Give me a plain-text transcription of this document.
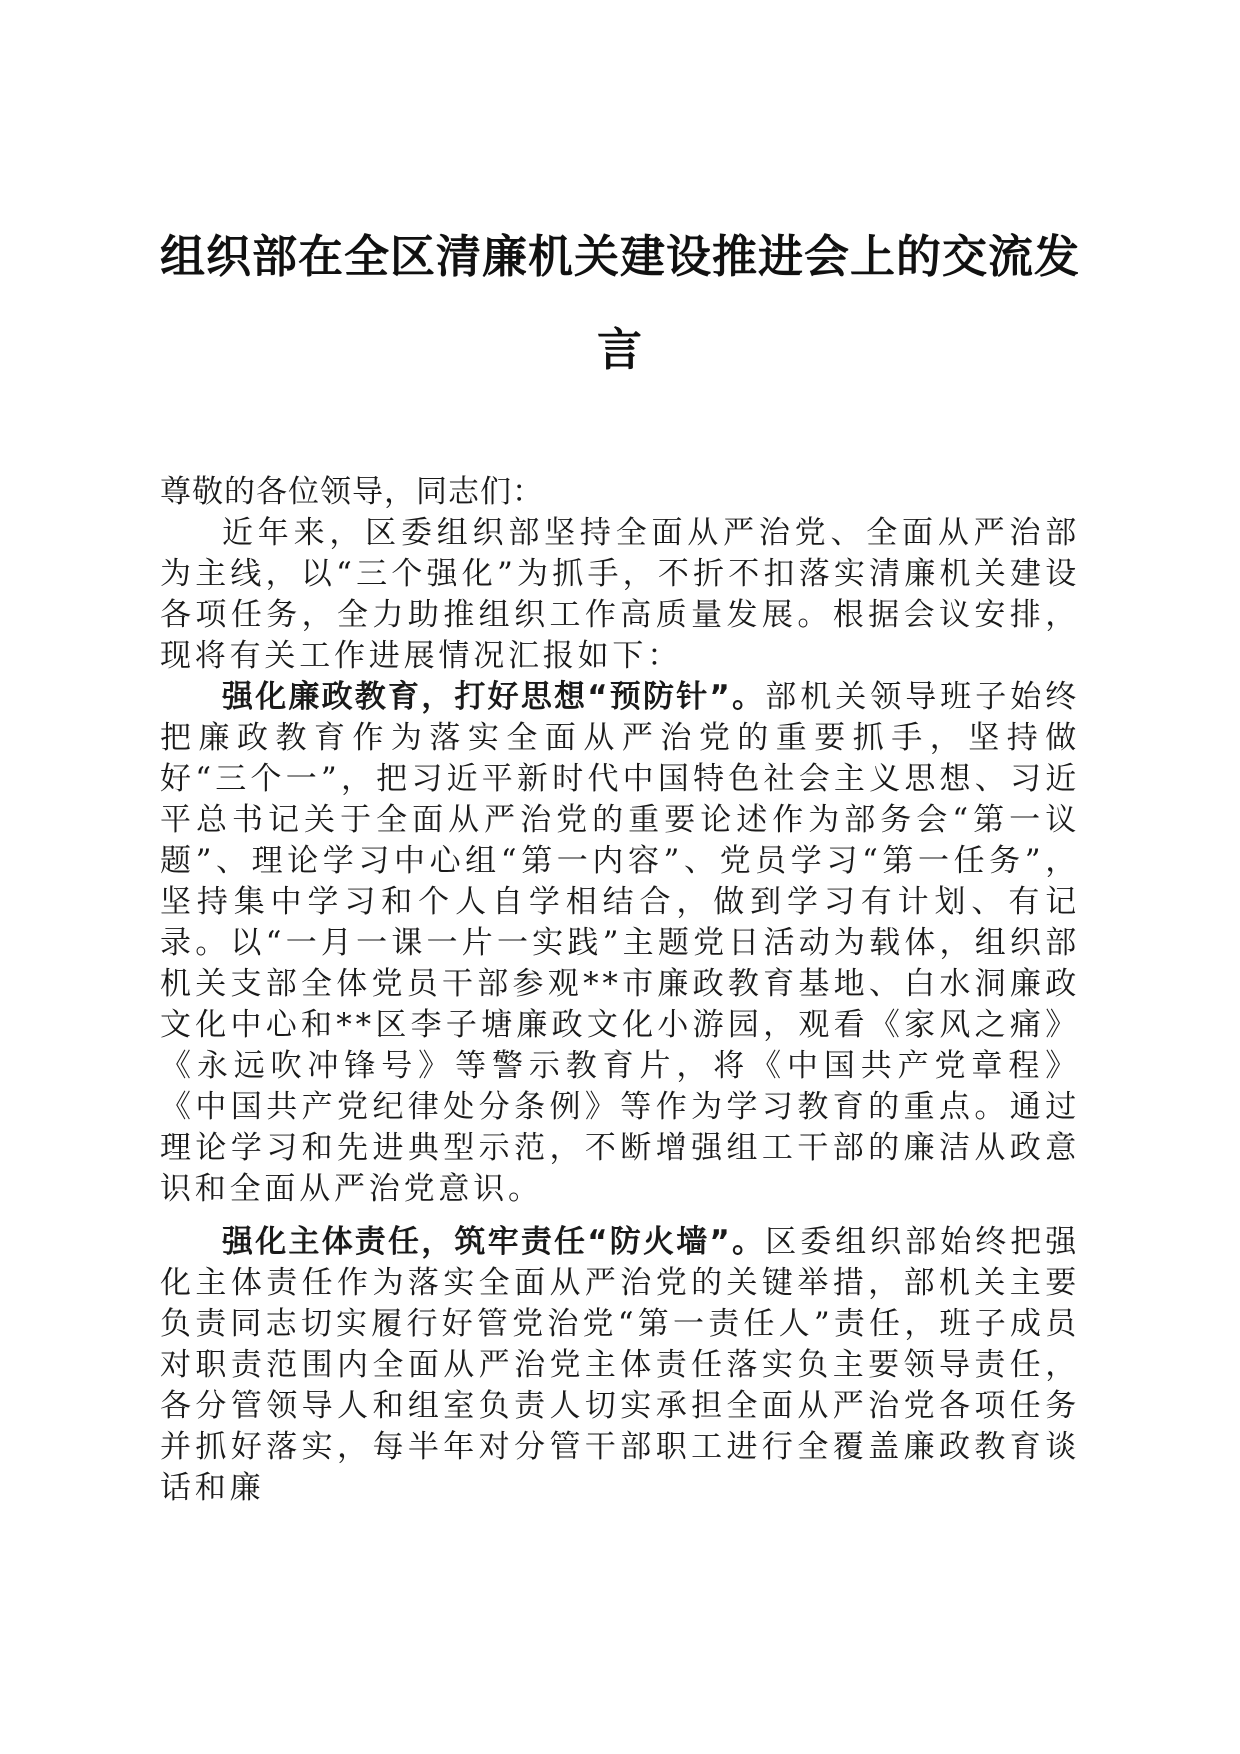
组织部在全区清廉机关建设推进会上的交流发言

尊敬的各位领导，同志们：

近年来，区委组织部坚持全面从严治党、全面从严治部为主线，以“三个强化”为抓手，不折不扣落实清廉机关建设各项任务，全力助推组织工作高质量发展。根据会议安排，现将有关工作进展情况汇报如下：

强化廉政教育，打好思想“预防针”。部机关领导班子始终把廉政教育作为落实全面从严治党的重要抓手，坚持做好“三个一”，把习近平新时代中国特色社会主义思想、习近平总书记关于全面从严治党的重要论述作为部务会“第一议题”、理论学习中心组“第一内容”、党员学习“第一任务”，坚持集中学习和个人自学相结合，做到学习有计划、有记录。以“一月一课一片一实践”主题党日活动为载体，组织部机关支部全体党员干部参观**市廉政教育基地、白水洞廉政文化中心和**区李子塘廉政文化小游园，观看《家风之痛》《永远吹冲锋号》等警示教育片，将《中国共产党章程》《中国共产党纪律处分条例》等作为学习教育的重点。通过理论学习和先进典型示范，不断增强组工干部的廉洁从政意识和全面从严治党意识。

强化主体责任，筑牢责任“防火墙”。区委组织部始终把强化主体责任作为落实全面从严治党的关键举措，部机关主要负责同志切实履行好管党治党“第一责任人”责任，班子成员对职责范围内全面从严治党主体责任落实负主要领导责任，各分管领导人和组室负责人切实承担全面从严治党各项任务并抓好落实，每半年对分管干部职工进行全覆盖廉政教育谈话和廉
